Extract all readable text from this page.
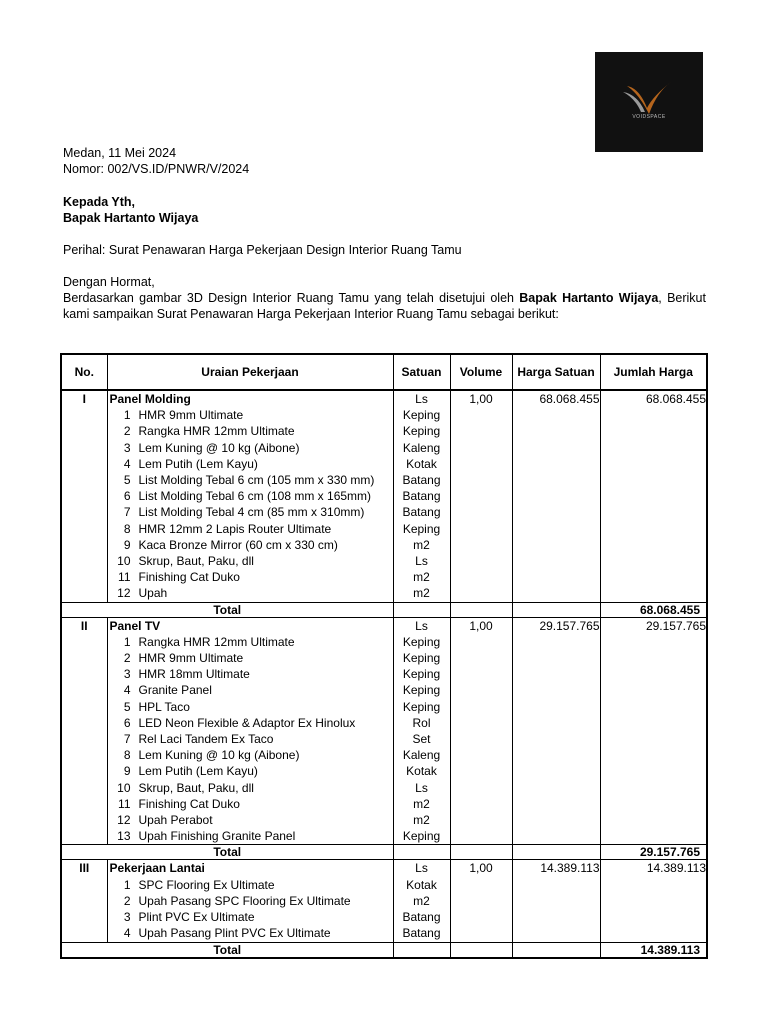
VOIDSPACE
Medan, 11 Mei 2024
Nomor: 002/VS.ID/PNWR/V/2024
Kepada Yth,
Bapak Hartanto Wijaya
Perihal: Surat Penawaran Harga Pekerjaan Design Interior Ruang Tamu
Dengan Hormat,
Berdasarkan gambar 3D Design Interior Ruang Tamu yang telah disetujui oleh Bapak Hartanto Wijaya, Berikut kami sampaikan Surat Penawaran Harga Pekerjaan Interior Ruang Tamu sebagai berikut:
No.	Uraian Pekerjaan	Satuan	Volume	Harga Satuan	Jumlah Harga
I	Panel Molding	Ls	1,00	68.068.455	68.068.455

	1 HMR 9mm Ultimate	Keping			

	2 Rangka HMR 12mm Ultimate	Keping			

	3 Lem Kuning @ 10 kg (Aibone)	Kaleng			

	4 Lem Putih (Lem Kayu)	Kotak			

	5 List Molding Tebal 6 cm (105 mm x 330 mm)	Batang			

	6 List Molding Tebal 6 cm (108 mm x 165mm)	Batang			

	7 List Molding Tebal 4 cm (85 mm x 310mm)	Batang			

	8 HMR 12mm 2 Lapis Router Ultimate	Keping			

	9 Kaca Bronze Mirror (60 cm x 330 cm)	m2			

	10 Skrup, Baut, Paku, dll	Ls			

	11 Finishing Cat Duko	m2			

	12 Upah	m2			
Total					68.068.455
II	Panel TV	Ls	1,00	29.157.765	29.157.765

	1 Rangka HMR 12mm Ultimate	Keping			

	2 HMR 9mm Ultimate	Keping			

	3 HMR 18mm Ultimate	Keping			

	4 Granite Panel	Keping			

	5 HPL Taco	Keping			

	6 LED Neon Flexible & Adaptor Ex Hinolux	Rol			

	7 Rel Laci Tandem Ex Taco	Set			

	8 Lem Kuning @ 10 kg (Aibone)	Kaleng			

	9 Lem Putih (Lem Kayu)	Kotak			

	10 Skrup, Baut, Paku, dll	Ls			

	11 Finishing Cat Duko	m2			

	12 Upah Perabot	m2			

	13 Upah Finishing Granite Panel	Keping			
Total					29.157.765
III	Pekerjaan Lantai	Ls	1,00	14.389.113	14.389.113

	1 SPC Flooring Ex Ultimate	Kotak			

	2 Upah Pasang SPC Flooring Ex Ultimate	m2			

	3 Plint PVC Ex Ultimate	Batang			

	4 Upah Pasang Plint PVC Ex Ultimate	Batang			
Total					14.389.113
